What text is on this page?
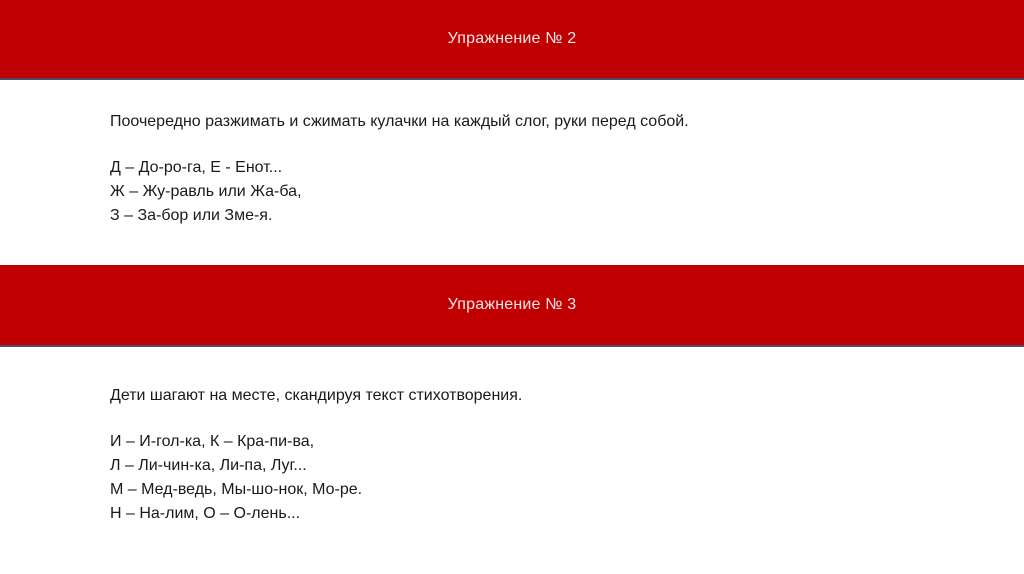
Упражнение № 2
Поочередно разжимать и сжимать кулачки на каждый слог, руки перед собой.
Д – До-ро-га, Е - Енот...
Ж – Жу-равль или Жа-ба,
З – За-бор или Зме-я.
Упражнение № 3
Дети шагают на месте, скандируя текст стихотворения.
И – И-гол-ка, К – Кра-пи-ва,
Л – Ли-чин-ка, Ли-па, Луг...
М – Мед-ведь, Мы-шо-нок, Мо-ре.
Н – На-лим, О – О-лень...
